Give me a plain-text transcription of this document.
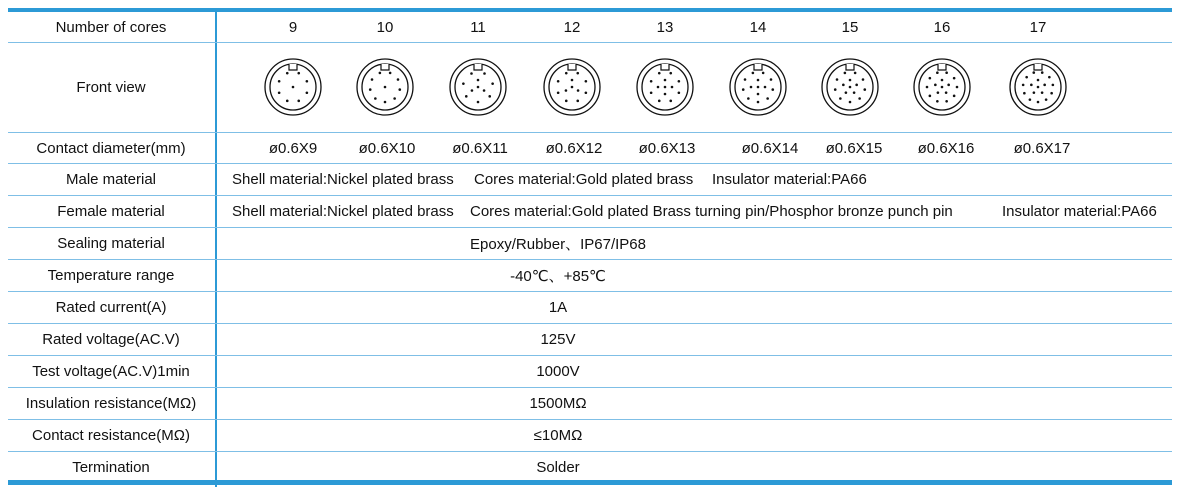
Number of cores	9	10	11	12	13	14	15	16	17
Front view
Contact diameter(mm)	ø0.6X9	ø0.6X10	ø0.6X11	ø0.6X12	ø0.6X13	ø0.6X14	ø0.6X15	ø0.6X16	ø0.6X17
Male material	Shell material:Nickel plated brass Cores material:Gold plated brass Insulator material:PA66
Female material	Shell material:Nickel plated brass Cores material:Gold plated Brass turning pin/Phosphor bronze punch pin	Insulator material:PA66
Sealing material	Epoxy/Rubber、IP67/IP68
Temperature range	-40℃、+85℃
Rated current(A)	1A
Rated voltage(AC.V)	125V
Test voltage(AC.V)1min	1000V
Insulation resistance(MΩ)	1500MΩ
Contact resistance(MΩ)	≤10MΩ
Termination	Solder
